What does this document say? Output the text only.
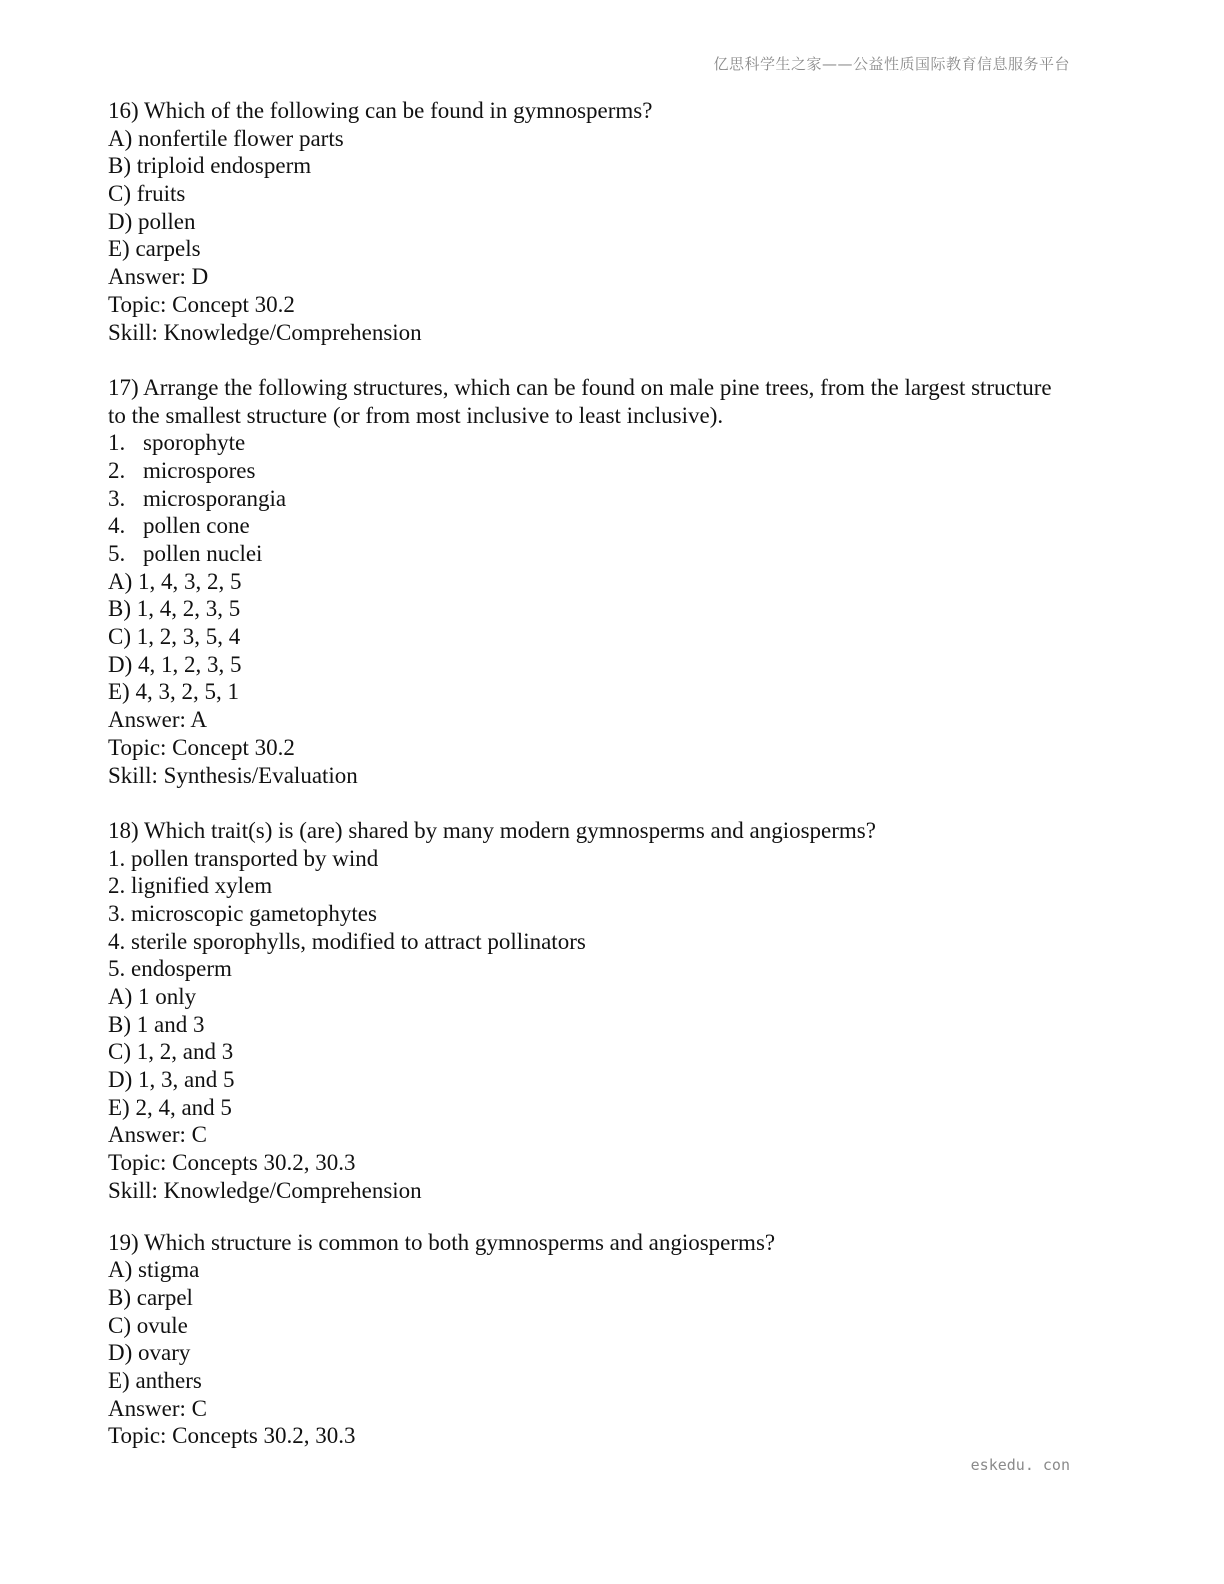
亿思科学生之家——公益性质国际教育信息服务平台
16) Which of the following can be found in gymnosperms?
A) nonfertile flower parts
B) triploid endosperm
C) fruits
D) pollen
E) carpels
Answer: D
Topic: Concept 30.2
Skill: Knowledge/Comprehension
17) Arrange the following structures, which can be found on male pine trees, from the largest structure
to the smallest structure (or from most inclusive to least inclusive).
1. sporophyte
2. microspores
3. microsporangia
4. pollen cone
5. pollen nuclei
A) 1, 4, 3, 2, 5
B) 1, 4, 2, 3, 5
C) 1, 2, 3, 5, 4
D) 4, 1, 2, 3, 5
E) 4, 3, 2, 5, 1
Answer: A
Topic: Concept 30.2
Skill: Synthesis/Evaluation
18) Which trait(s) is (are) shared by many modern gymnosperms and angiosperms?
1. pollen transported by wind
2. lignified xylem
3. microscopic gametophytes
4. sterile sporophylls, modified to attract pollinators
5. endosperm
A) 1 only
B) 1 and 3
C) 1, 2, and 3
D) 1, 3, and 5
E) 2, 4, and 5
Answer: C
Topic: Concepts 30.2, 30.3
Skill: Knowledge/Comprehension
19) Which structure is common to both gymnosperms and angiosperms?
A) stigma
B) carpel
C) ovule
D) ovary
E) anthers
Answer: C
Topic: Concepts 30.2, 30.3
eskedu. con
